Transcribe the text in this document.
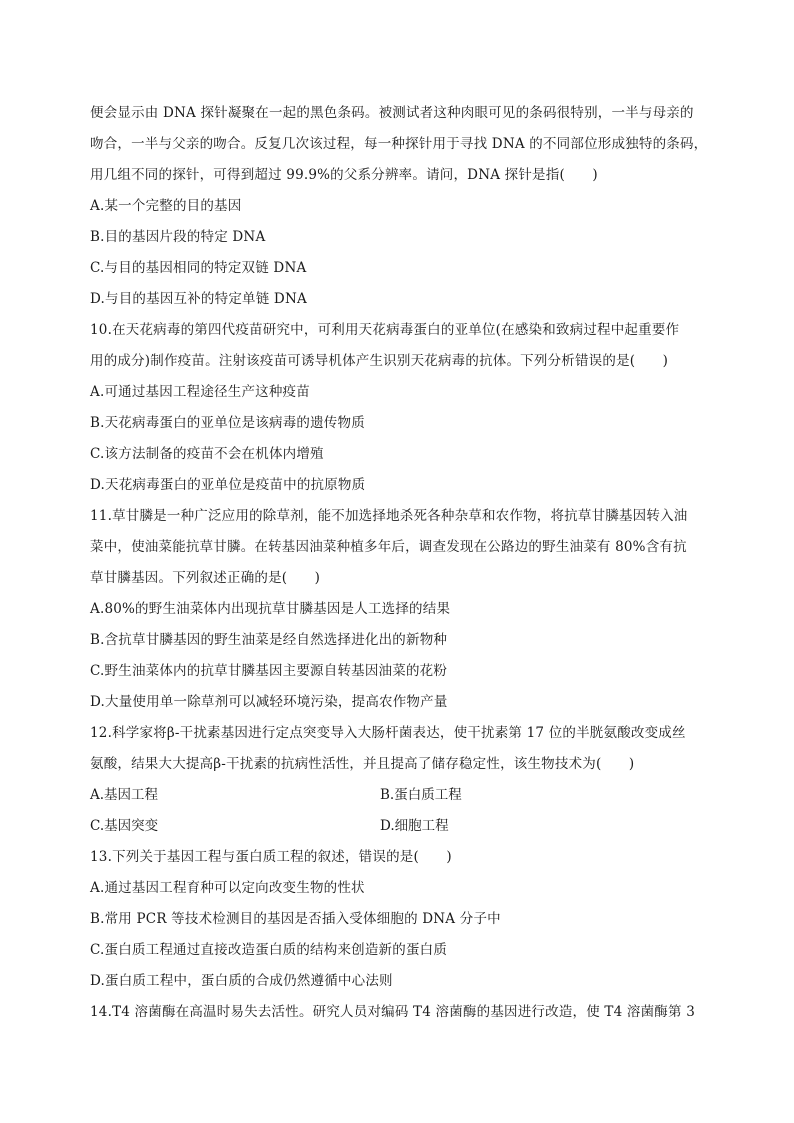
便会显示由 DNA 探针凝聚在一起的黑色条码。被测试者这种肉眼可见的条码很特别，一半与母亲的
吻合，一半与父亲的吻合。反复几次该过程，每一种探针用于寻找 DNA 的不同部位形成独特的条码，
用几组不同的探针，可得到超过 99.9%的父系分辨率。请问，DNA 探针是指(　　)
A.某一个完整的目的基因
B.目的基因片段的特定 DNA
C.与目的基因相同的特定双链 DNA
D.与目的基因互补的特定单链 DNA
10.在天花病毒的第四代疫苗研究中，可利用天花病毒蛋白的亚单位(在感染和致病过程中起重要作
用的成分)制作疫苗。注射该疫苗可诱导机体产生识别天花病毒的抗体。下列分析错误的是(　　)
A.可通过基因工程途径生产这种疫苗
B.天花病毒蛋白的亚单位是该病毒的遗传物质
C.该方法制备的疫苗不会在机体内增殖
D.天花病毒蛋白的亚单位是疫苗中的抗原物质
11.草甘膦是一种广泛应用的除草剂，能不加选择地杀死各种杂草和农作物，将抗草甘膦基因转入油
菜中，使油菜能抗草甘膦。在转基因油菜种植多年后，调查发现在公路边的野生油菜有 80%含有抗
草甘膦基因。下列叙述正确的是(　　)
A.80%的野生油菜体内出现抗草甘膦基因是人工选择的结果
B.含抗草甘膦基因的野生油菜是经自然选择进化出的新物种
C.野生油菜体内的抗草甘膦基因主要源自转基因油菜的花粉
D.大量使用单一除草剂可以减轻环境污染，提高农作物产量
12.科学家将β-干扰素基因进行定点突变导入大肠杆菌表达，使干扰素第 17 位的半胱氨酸改变成丝
氨酸，结果大大提高β-干扰素的抗病性活性，并且提高了储存稳定性，该生物技术为(　　)
A.基因工程	B.蛋白质工程
C.基因突变	D.细胞工程
13.下列关于基因工程与蛋白质工程的叙述，错误的是(　　)
A.通过基因工程育种可以定向改变生物的性状
B.常用 PCR 等技术检测目的基因是否插入受体细胞的 DNA 分子中
C.蛋白质工程通过直接改造蛋白质的结构来创造新的蛋白质
D.蛋白质工程中，蛋白质的合成仍然遵循中心法则
14.T4 溶菌酶在高温时易失去活性。研究人员对编码 T4 溶菌酶的基因进行改造，使 T4 溶菌酶第 3
